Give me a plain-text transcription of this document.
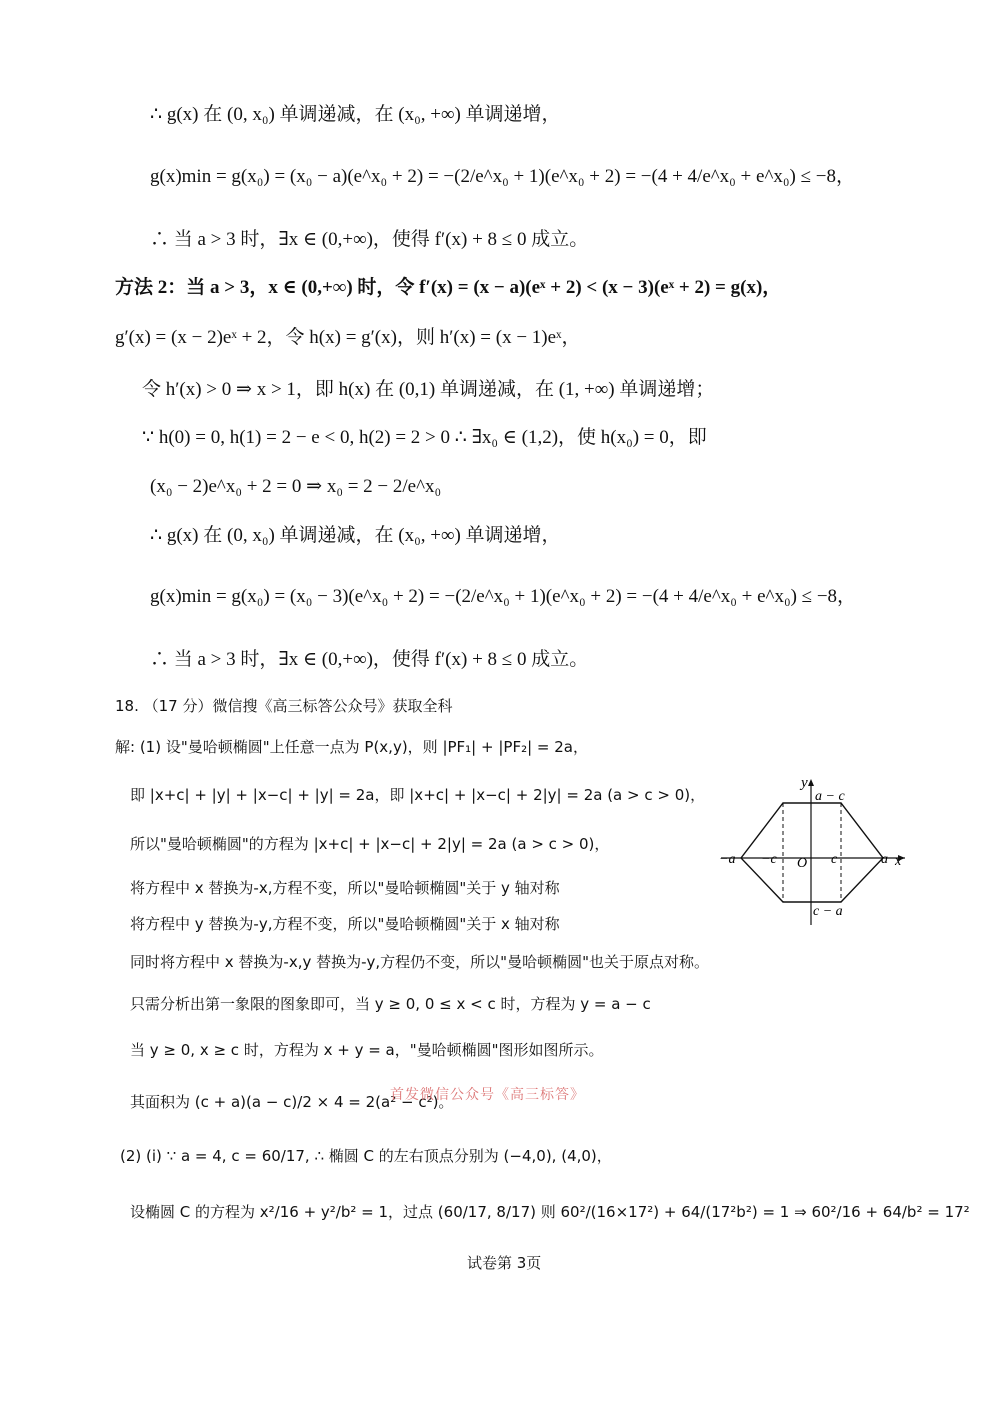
∴ g(x) 在 (0, x₀) 单调递减，在 (x₀, +∞) 单调递增，
g(x)min = g(x₀) = (x₀ − a)(e^x₀ + 2) = −(2/e^x₀ + 1)(e^x₀ + 2) = −(4 + 4/e^x₀ + e^x₀) ≤ −8，
∴ 当 a > 3 时，∃x ∈ (0,+∞)，使得 f′(x) + 8 ≤ 0 成立。
方法 2：当 a > 3，x ∈ (0,+∞) 时，令 f′(x) = (x − a)(eˣ + 2) < (x − 3)(eˣ + 2) = g(x)，
g′(x) = (x − 2)eˣ + 2，令 h(x) = g′(x)，则 h′(x) = (x − 1)eˣ，
令 h′(x) > 0 ⇒ x > 1，即 h(x) 在 (0,1) 单调递减，在 (1, +∞) 单调递增；
∵ h(0) = 0, h(1) = 2 − e < 0, h(2) = 2 > 0 ∴ ∃x₀ ∈ (1,2)，使 h(x₀) = 0，即
(x₀ − 2)e^x₀ + 2 = 0 ⇒ x₀ = 2 − 2/e^x₀
∴ g(x) 在 (0, x₀) 单调递减，在 (x₀, +∞) 单调递增，
g(x)min = g(x₀) = (x₀ − 3)(e^x₀ + 2) = −(2/e^x₀ + 1)(e^x₀ + 2) = −(4 + 4/e^x₀ + e^x₀) ≤ −8，
∴ 当 a > 3 时，∃x ∈ (0,+∞)，使得 f′(x) + 8 ≤ 0 成立。
18. （17 分）微信搜《高三标答公众号》获取全科
解: (1) 设"曼哈顿椭圆"上任意一点为 P(x,y)，则 |PF₁| + |PF₂| = 2a，
即 |x+c| + |y| + |x−c| + |y| = 2a，即 |x+c| + |x−c| + 2|y| = 2a (a > c > 0)，
所以"曼哈顿椭圆"的方程为 |x+c| + |x−c| + 2|y| = 2a (a > c > 0)，
将方程中 x 替换为-x,方程不变，所以"曼哈顿椭圆"关于 y 轴对称
将方程中 y 替换为-y,方程不变，所以"曼哈顿椭圆"关于 x 轴对称
同时将方程中 x 替换为-x,y 替换为-y,方程仍不变，所以"曼哈顿椭圆"也关于原点对称。
只需分析出第一象限的图象即可，当 y ≥ 0, 0 ≤ x < c 时，方程为 y = a − c
当 y ≥ 0, x ≥ c 时，方程为 x + y = a，"曼哈顿椭圆"图形如图所示。
其面积为 (c + a)(a − c)/2 × 4 = 2(a² − c²)。
(2) (i) ∵ a = 4, c = 60/17, ∴ 椭圆 C 的左右顶点分别为 (−4,0), (4,0)，
设椭圆 C 的方程为 x²/16 + y²/b² = 1，过点 (60/17, 8/17) 则 60²/(16×17²) + 64/(17²b²) = 1 ⇒ 60²/16 + 64/b² = 17²
首发微信公众号《高三标答》
y
a − c
−a −c O c	a x
c − a
试卷第 3页
